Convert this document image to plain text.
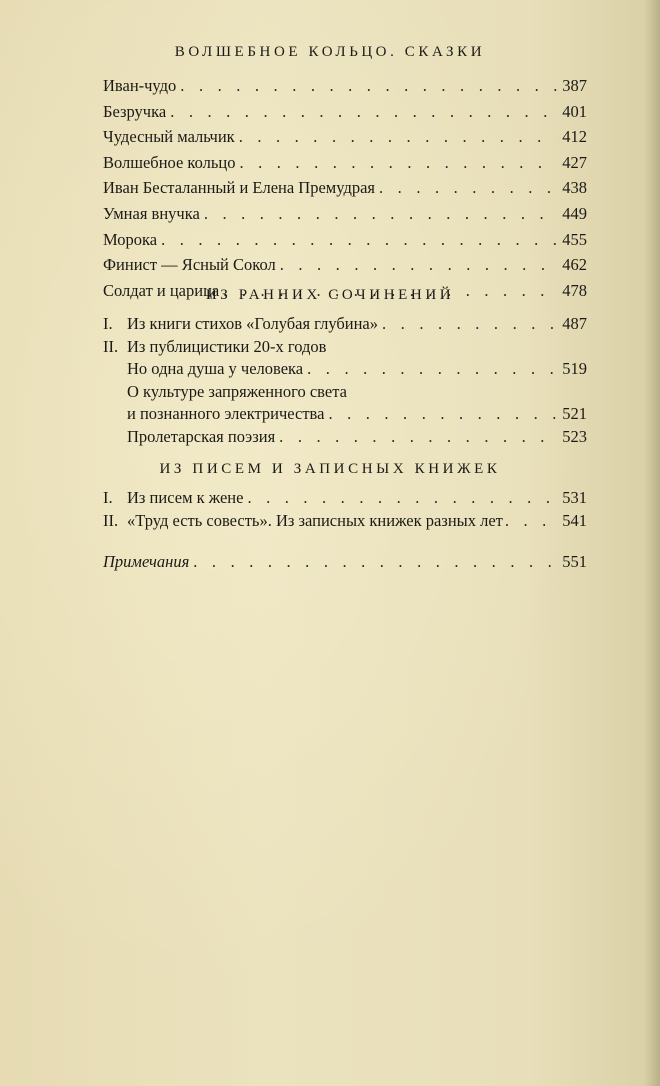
ВОЛШЕБНОЕ КОЛЬЦО. СКАЗКИ
Иван-чудо . . .	387
Безручка . . .	401
Чудесный мальчик . . .	412
Волшебное кольцо . . .	427
Иван Бесталанный и Елена Премудрая . . .	438
Умная внучка . . .	449
Морока . . .	455
Финист — Ясный Сокол . . .	462
Солдат и царица . . .	478
ИЗ РАННИХ СОЧИНЕНИЙ
I. Из книги стихов «Голубая глубина» . . .	487
II. Из публицистики 20-х годов
Но одна душа у человека . . .	519
О культуре запряженного света
и познанного электричества . . .	521
Пролетарская поэзия . . .	523
ИЗ ПИСЕМ И ЗАПИСНЫХ КНИЖЕК
I. Из писем к жене . . .	531
II. «Труд есть совесть». Из записных книжек разных лет . . .	541
Примечания . . .	551
